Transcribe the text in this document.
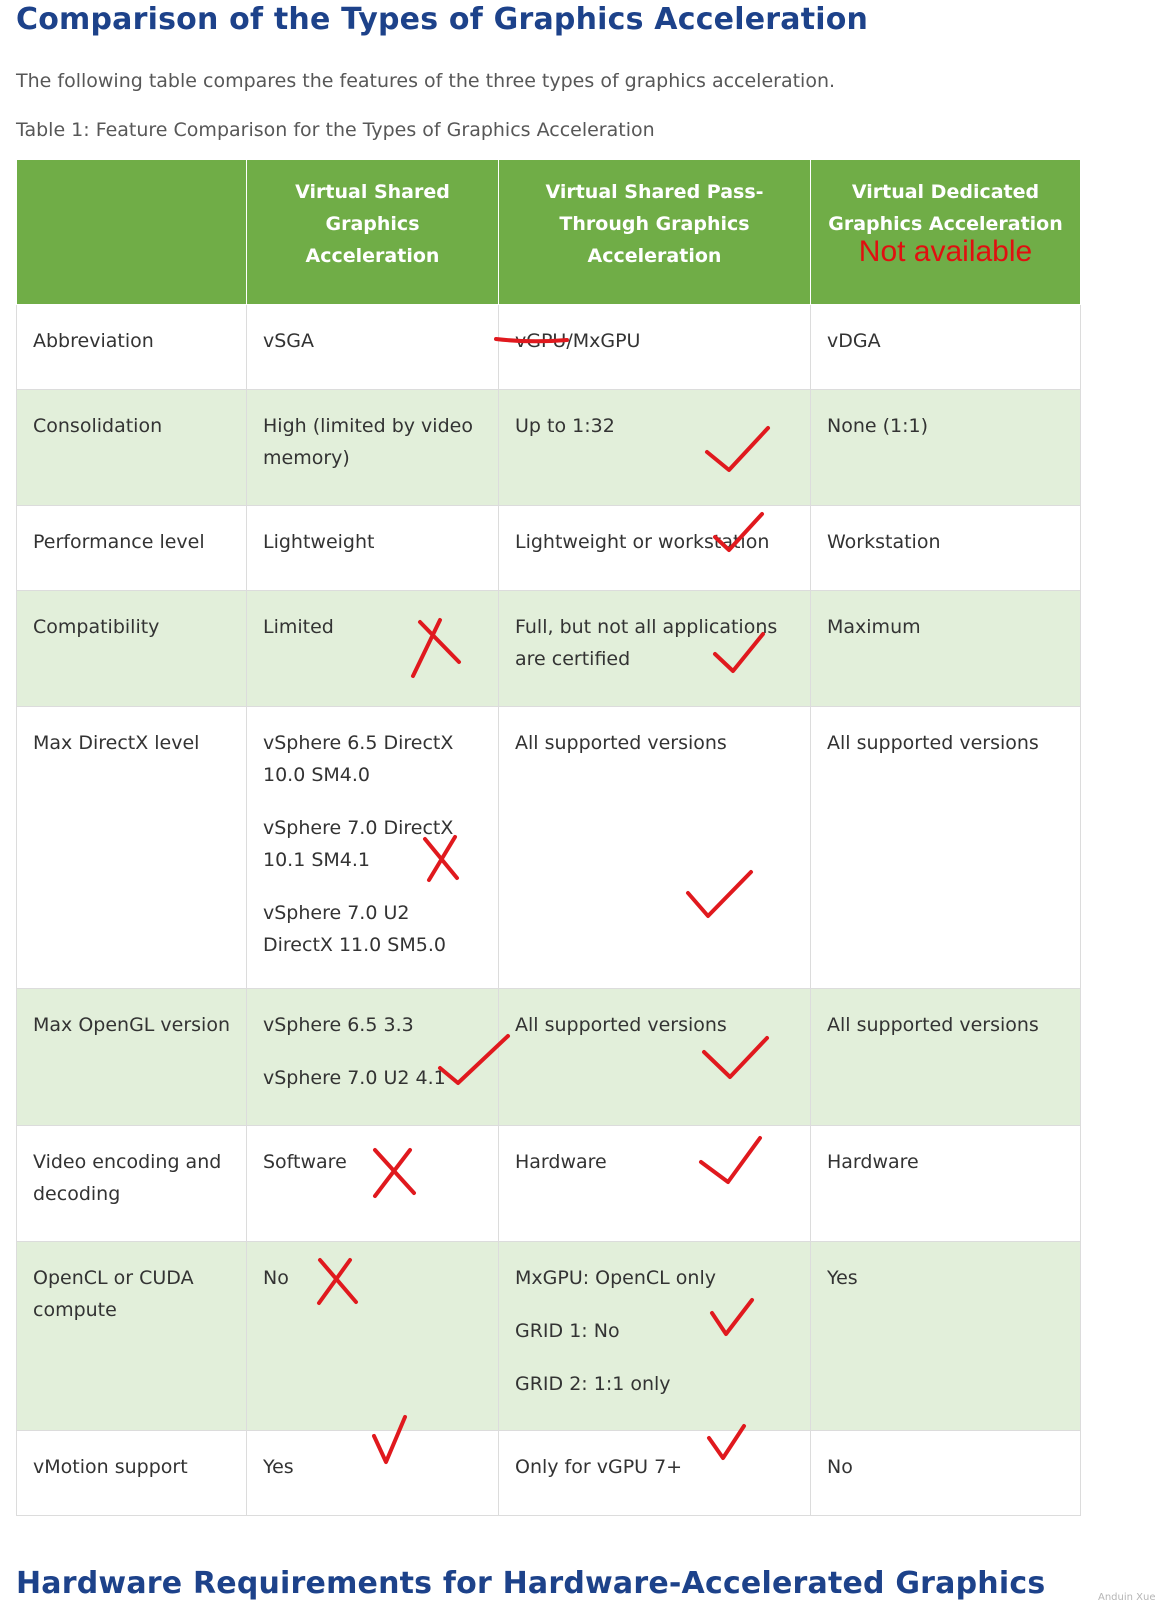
Comparison of the Types of Graphics Acceleration

The following table compares the features of the three types of graphics acceleration.

Table 1: Feature Comparison for the Types of Graphics Acceleration

	Virtual Shared Graphics Acceleration	Virtual Shared Pass-Through Graphics Acceleration	Virtual Dedicated Graphics Acceleration
Not available

Abbreviation	vSGA	vGPU/MxGPU	vDGA

Consolidation	High (limited by video memory)	Up to 1:32	None (1:1)

Performance level	Lightweight	Lightweight or workstation	Workstation

Compatibility	Limited	Full, but not all applications are certified	Maximum

Max DirectX level	vSphere 6.5 DirectX 10.0 SM4.0
vSphere 7.0 DirectX 10.1 SM4.1
vSphere 7.0 U2 DirectX 11.0 SM5.0	All supported versions	All supported versions

Max OpenGL version	vSphere 6.5 3.3
vSphere 7.0 U2 4.1	All supported versions	All supported versions

Video encoding and decoding	Software	Hardware	Hardware

OpenCL or CUDA compute	No	MxGPU: OpenCL only
GRID 1: No
GRID 2: 1:1 only	Yes

vMotion support	Yes	Only for vGPU 7+	No
Hardware Requirements for Hardware-Accelerated Graphics	Anduin Xue
